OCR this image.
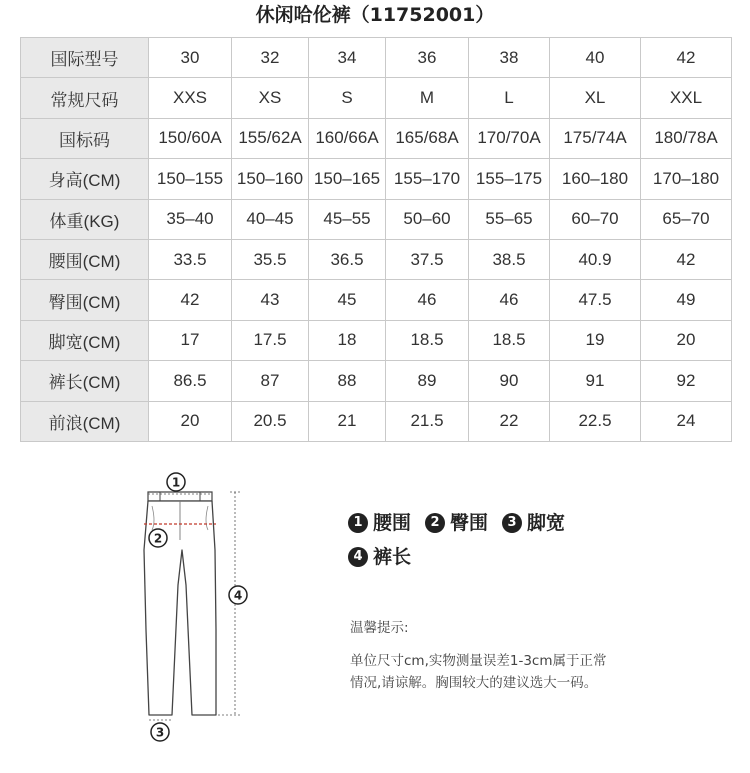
休闲哈伦裤（11752001）
国际型号	30	32	34	36	38	40	42
常规尺码	XXS	XS	S	M	L	XL	XXL
国标码	150/60A	155/62A	160/66A	165/68A	170/70A	175/74A	180/78A
身高(CM)	150–155	150–160	150–165	155–170	155–175	160–180	170–180
体重(KG)	35–40	40–45	45–55	50–60	55–65	60–70	65–70
腰围(CM)	33.5	35.5	36.5	37.5	38.5	40.9	42
臀围(CM)	42	43	45	46	46	47.5	49
脚宽(CM)	17	17.5	18	18.5	18.5	19	20
裤长(CM)	86.5	87	88	89	90	91	92
前浪(CM)	20	20.5	21	21.5	22	22.5	24
1
2
3
4
1 腰围	2 臀围	3 脚宽
4 裤长
温馨提示:
单位尺寸cm,实物测量误差1-3cm属于正常
情况,请谅解。胸围较大的建议选大一码。
